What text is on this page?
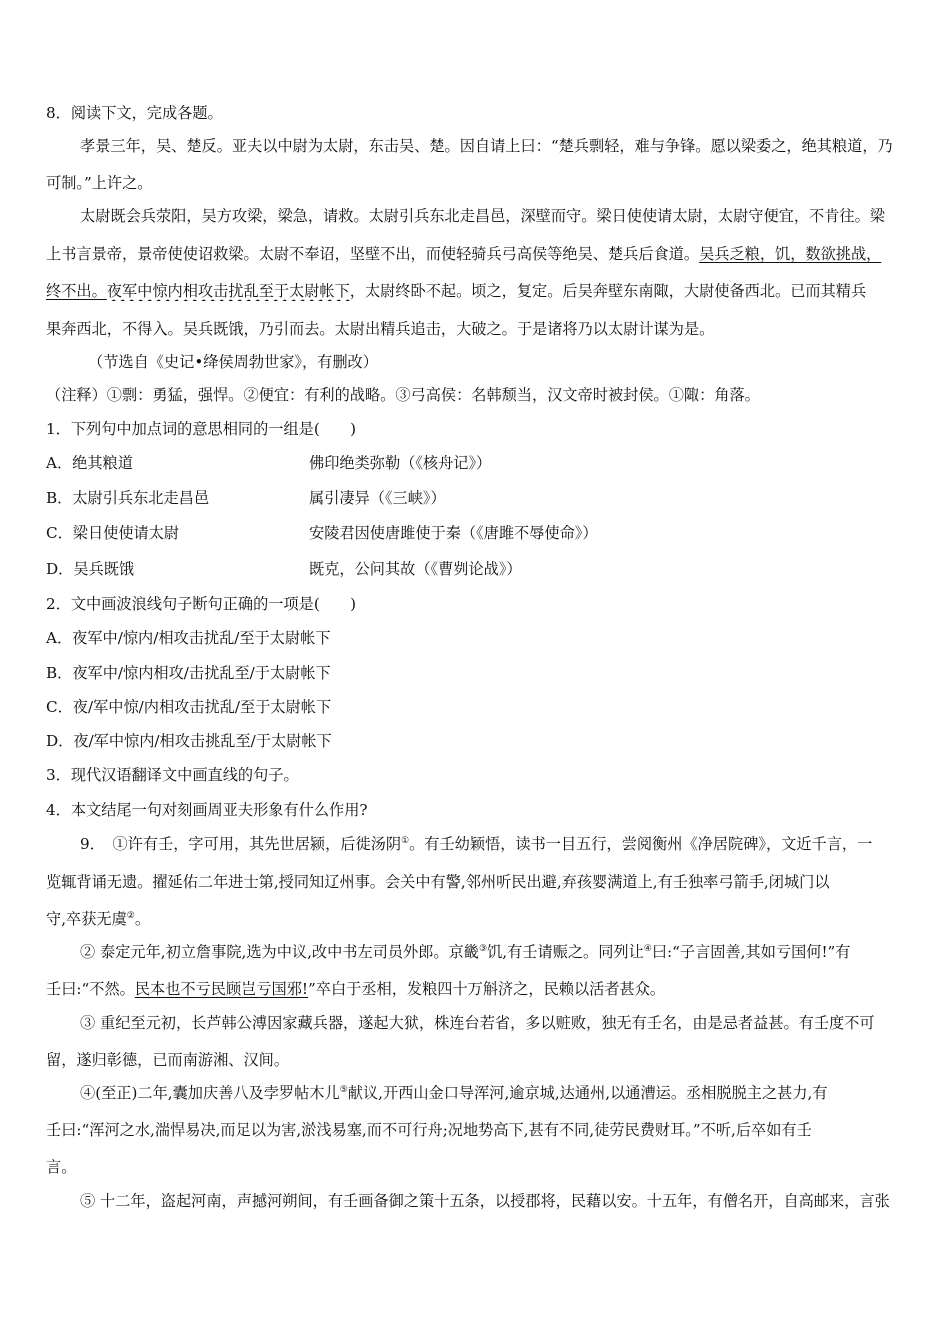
8．阅读下文，完成各题。
孝景三年，吴、楚反。亚夫以中尉为太尉，东击吴、楚。因自请上曰：“楚兵剽轻，难与争锋。愿以梁委之，绝其粮道，乃
可制。”上许之。
太尉既会兵荥阳，吴方攻梁，梁急，请救。太尉引兵东北走昌邑，深壁而守。梁日使使请太尉，太尉守便宜，不肯往。梁
上书言景帝，景帝使使诏救梁。太尉不奉诏，坚壁不出，而使轻骑兵弓高侯等绝吴、楚兵后食道。吴兵乏粮，饥，数欲挑战，
终不出。夜军中惊内相攻击扰乱至于太尉帐下，太尉终卧不起。顷之，复定。后吴奔壁东南陬，大尉使备西北。已而其精兵
果奔西北，不得入。吴兵既饿，乃引而去。太尉出精兵追击，大破之。于是诸将乃以太尉计谋为是。
（节选自《史记•绛侯周勃世家》，有删改）
（注释）①剽：勇猛，强悍。②便宜：有利的战略。③弓高侯：名韩颓当，汉文帝时被封侯。①陬：角落。
1．下列句中加点词的意思相同的一组是(　　)
A．绝其粮道	佛印绝类弥勒（《核舟记》）
B．太尉引兵东北走昌邑	属引凄异（《三峡》）
C．梁日使使请太尉	安陵君因使唐雎使于秦（《唐雎不辱使命》）
D．吴兵既饿	既克，公问其故（《曹刿论战》）
2．文中画波浪线句子断句正确的一项是(　　)
A．夜军中/惊内/相攻击扰乱/至于太尉帐下
B．夜军中/惊内相攻/击扰乱至/于太尉帐下
C．夜/军中惊/内相攻击扰乱/至于太尉帐下
D．夜/军中惊内/相攻击挑乱至/于太尉帐下
3．现代汉语翻译文中画直线的句子。
4．本文结尾一句对刻画周亚夫形象有什么作用?
9．　①许有壬，字可用，其先世居颍，后徙汤阴①。有壬幼颖悟，读书一目五行，尝阅衡州《净居院碑》，文近千言，一
览辄背诵无遗。擢延佑二年进士第,授同知辽州事。会关中有警,邻州听民出避,弃孩婴满道上,有壬独率弓箭手,闭城门以
守,卒获无虞②。
② 泰定元年,初立詹事院,选为中议,改中书左司员外郎。京畿③饥,有壬请赈之。同列让④曰:“子言固善,其如亏国何!”有
壬曰:“不然。民本也不亏民顾岂亏国邪!”卒白于丞相，发粮四十万斛济之，民赖以活者甚众。
③ 重纪至元初，长芦韩公溥因家藏兵器，遂起大狱，株连台若省，多以赃败，独无有壬名，由是忌者益甚。有壬度不可
留，遂归彰德，已而南游湘、汉间。
④(至正)二年,囊加庆善八及孛罗帖木儿⑤献议,开西山金口导浑河,逾京城,达通州,以通漕运。丞相脱脱主之甚力,有
壬曰:“浑河之水,湍悍易决,而足以为害,淤浅易塞,而不可行舟;况地势高下,甚有不同,徒劳民费财耳。”不听,后卒如有壬
言。
⑤ 十二年，盗起河南，声撼河朔间，有壬画备御之策十五条，以授郡将，民藉以安。十五年，有僧名开，自高邮来，言张
